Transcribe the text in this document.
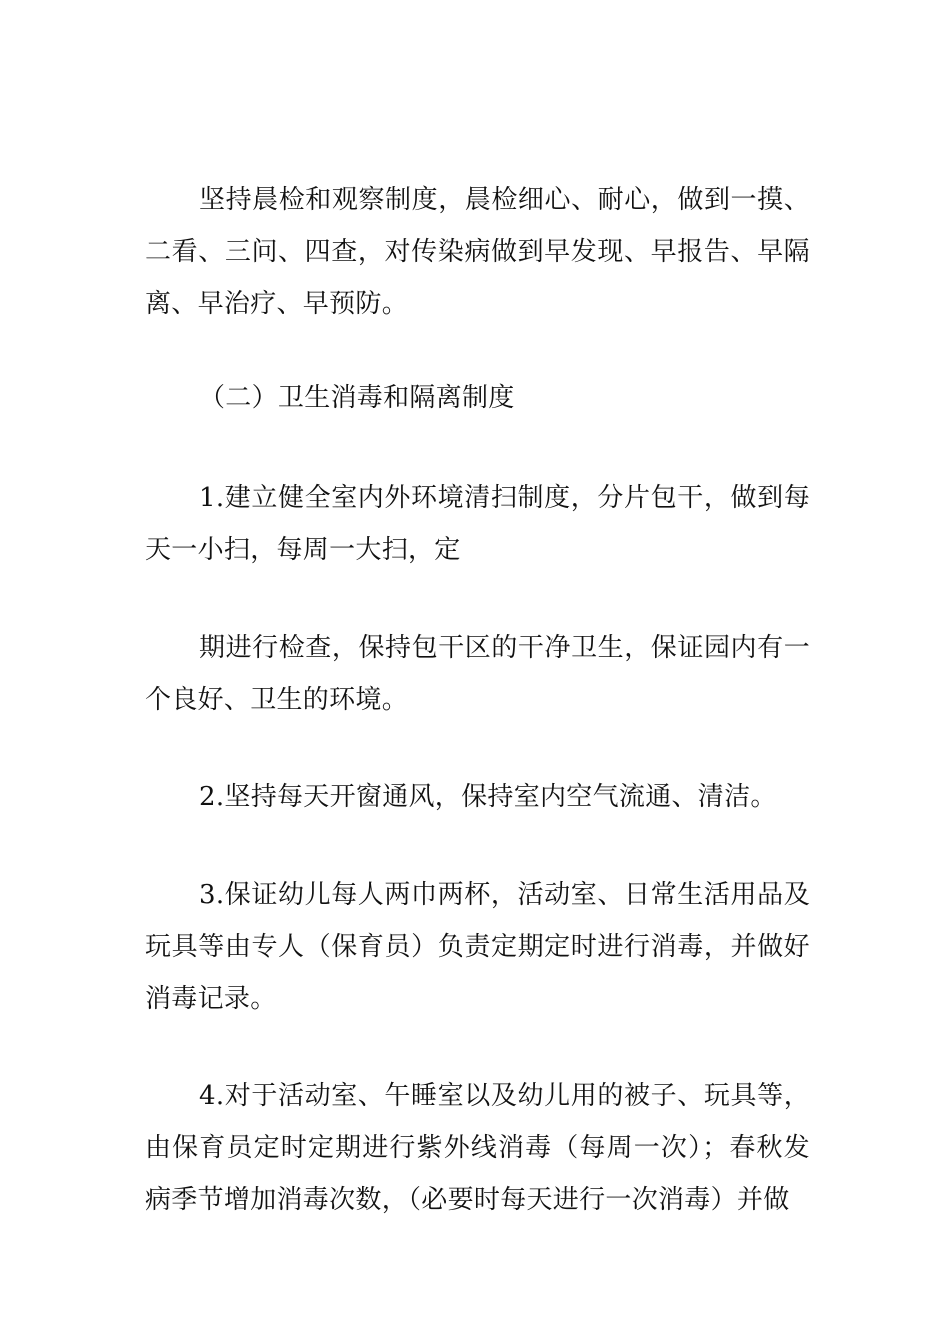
坚持晨检和观察制度，晨检细心、耐心，做到一摸、二看、三问、四查，对传染病做到早发现、早报告、早隔离、早治疗、早预防。

（二）卫生消毒和隔离制度

1.建立健全室内外环境清扫制度，分片包干，做到每天一小扫，每周一大扫，定

期进行检查，保持包干区的干净卫生，保证园内有一个良好、卫生的环境。

2.坚持每天开窗通风，保持室内空气流通、清洁。

3.保证幼儿每人两巾两杯，活动室、日常生活用品及玩具等由专人（保育员）负责定期定时进行消毒，并做好消毒记录。

4.对于活动室、午睡室以及幼儿用的被子、玩具等，由保育员定时定期进行紫外线消毒（每周一次）；春秋发病季节增加消毒次数，（必要时每天进行一次消毒）并做
